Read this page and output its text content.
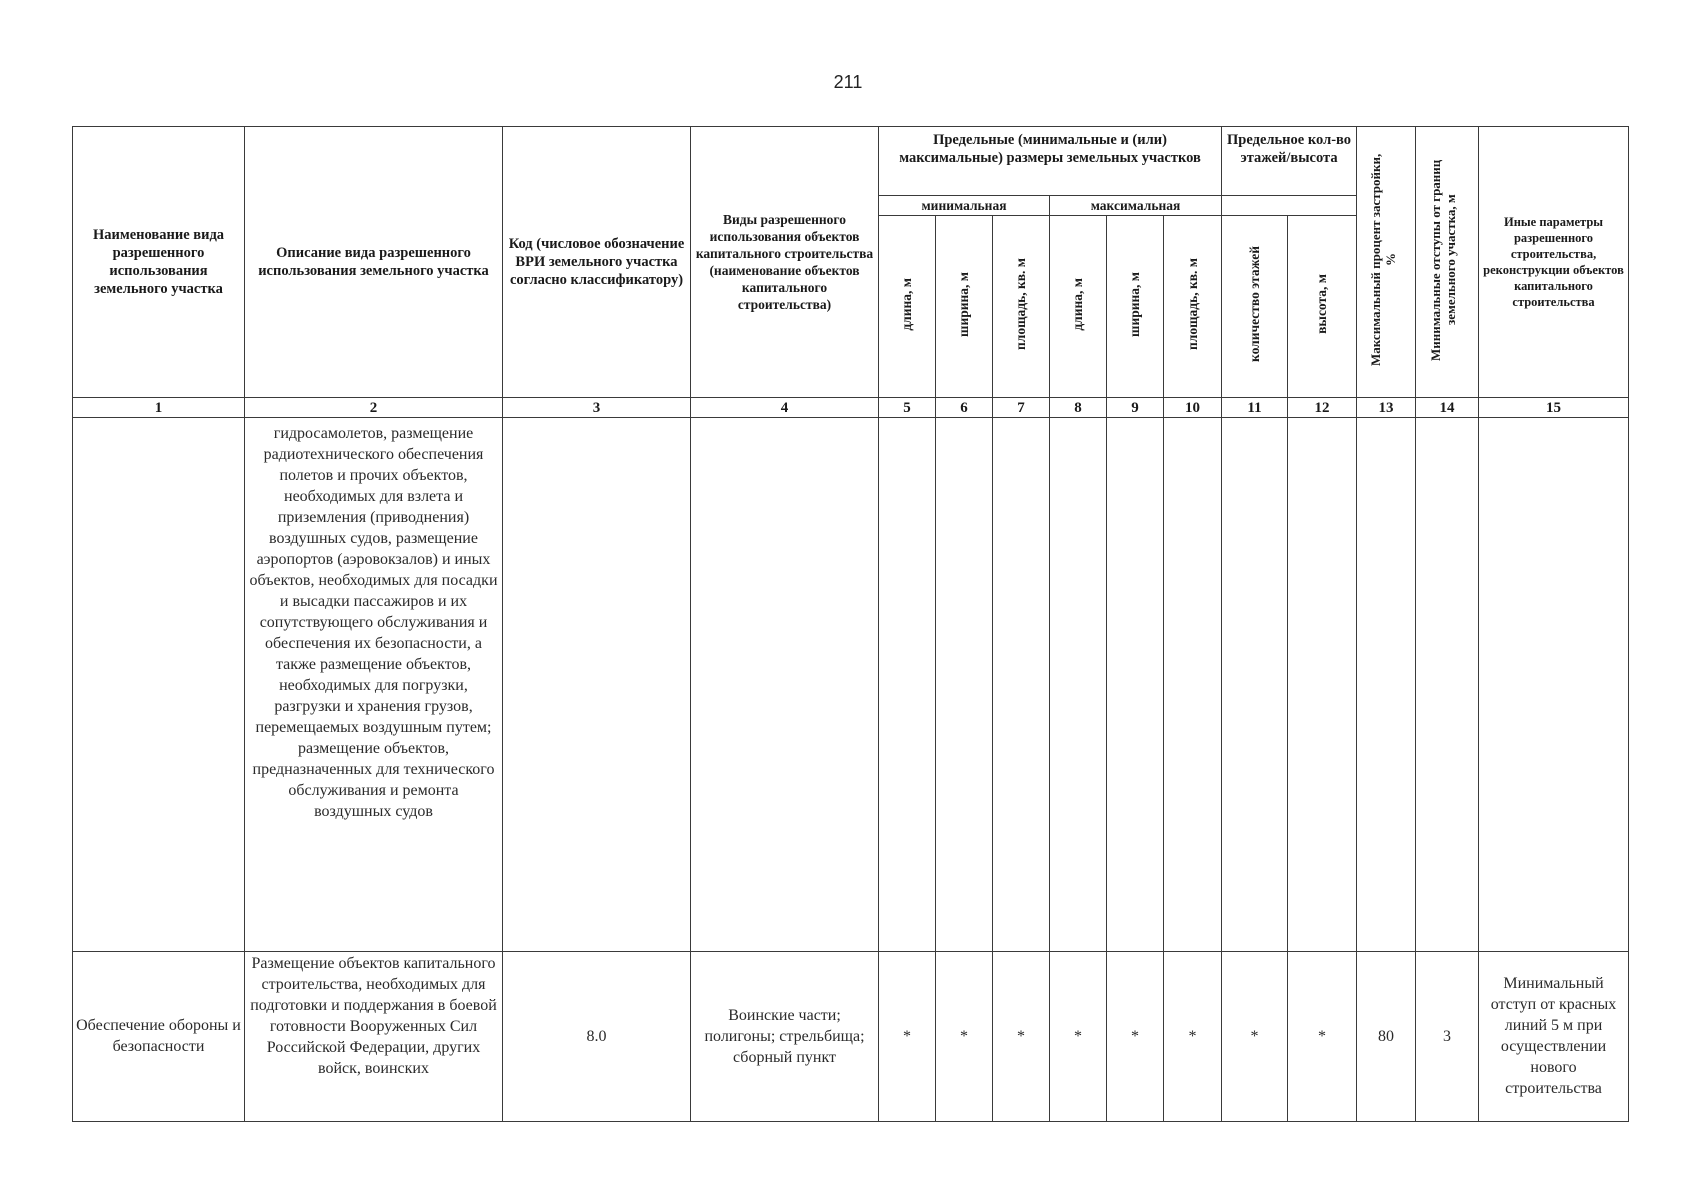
211
Наименование вида разрешенного использования земельного участка	Описание вида разрешенного использования земельного участка	Код (числовое обозначение ВРИ земельного участка согласно классификатору)	Виды разрешенного использования объектов капитального строительства (наименование объектов капитального строительства)	Предельные (минимальные и (или) максимальные) размеры земельных участков						Предельное кол-во этажей/высота		Максимальный процент застройки, %	Минимальные отступы от границ земельного участка, м	Иные параметры разрешенного строительства, реконструкции объектов капитального строительства
				минимальная			максимальная							
				длина, м	ширина, м	площадь, кв. м	длина, м	ширина, м	площадь, кв. м	количество этажей	высота, м			
1	2	3	4	5	6	7	8	9	10	11	12	13	14	15

	гидросамолетов, размещение радиотехнического обеспечения полетов и прочих объектов, необходимых для взлета и приземления (приводнения) воздушных судов, размещение аэропортов (аэровокзалов) и иных объектов, необходимых для посадки и высадки пассажиров и их сопутствующего обслуживания и обеспечения их безопасности, а также размещение объектов, необходимых для погрузки, разгрузки и хранения грузов, перемещаемых воздушным путем; размещение объектов, предназначенных для технического обслуживания и ремонта воздушных судов													

Обеспечение обороны и безопасности	Размещение объектов капитального строительства, необходимых для подготовки и поддержания в боевой готовности Вооруженных Сил Российской Федерации, других войск, воинских	8.0	Воинские части; полигоны; стрельбища; сборный пункт	*	*	*	*	*	*	*	*	80	3	Минимальный отступ от красных линий 5 м при осуществлении нового строительства
